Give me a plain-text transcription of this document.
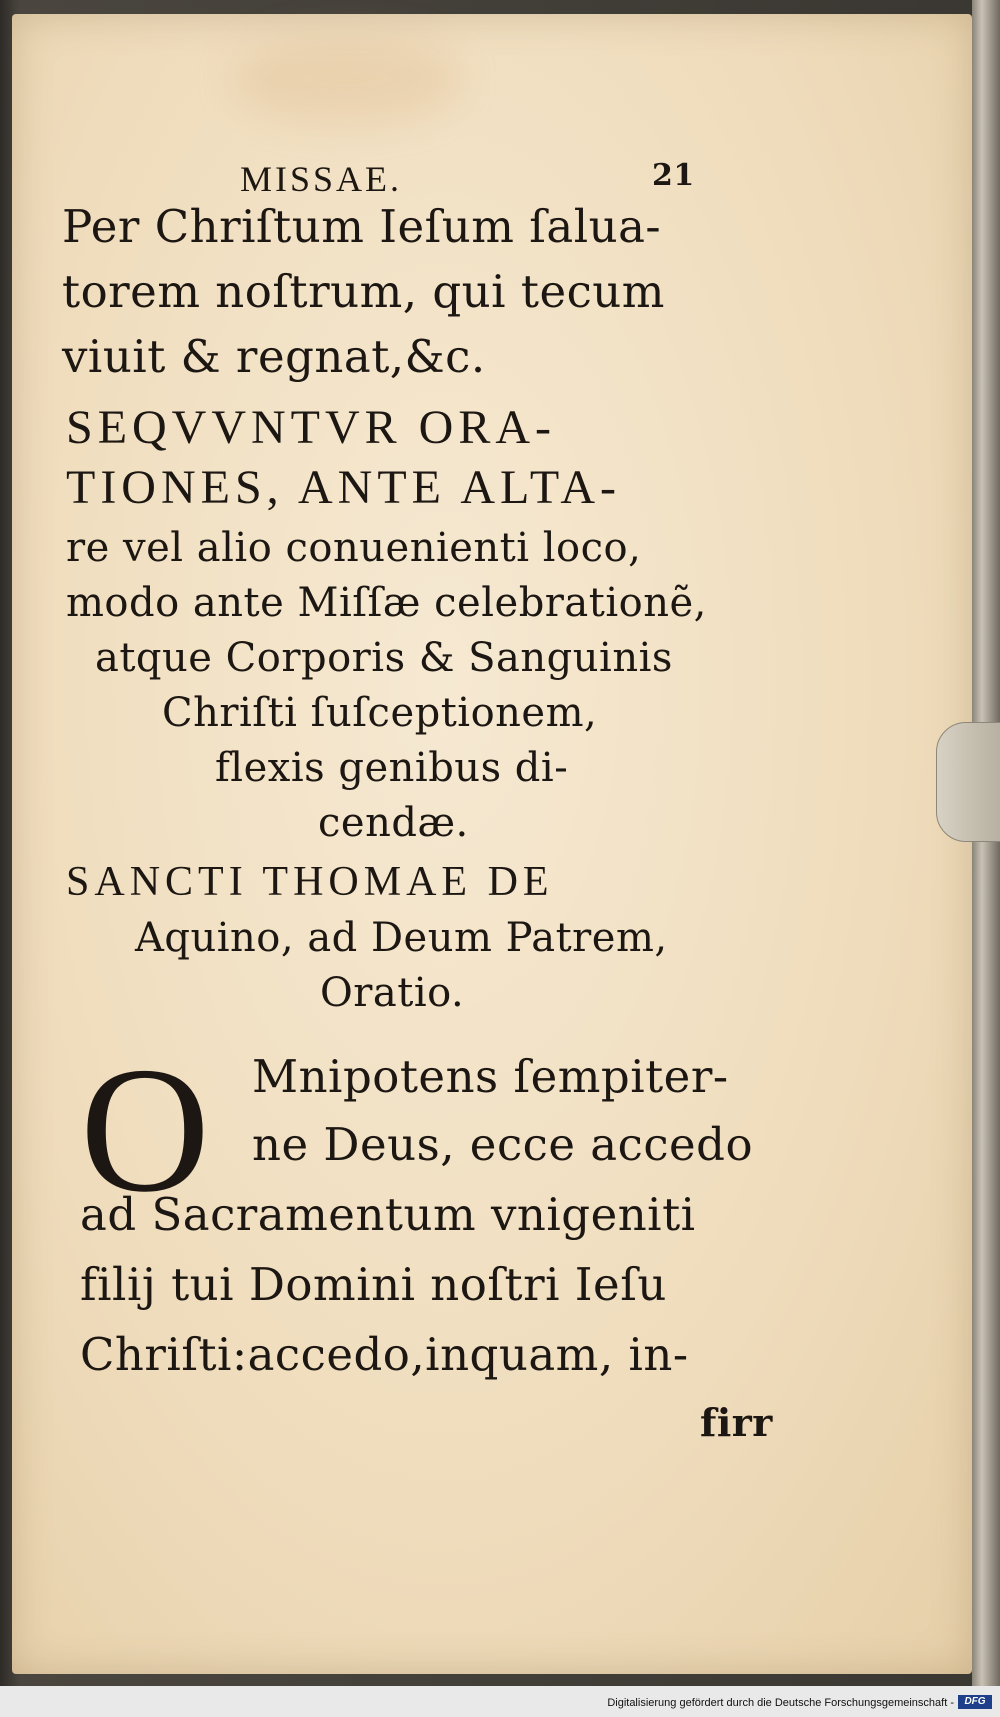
MISSAE.	21
Per Chriſtum Ieſum ſalua-
torem noſtrum, qui tecum
viuit & regnat,&c.
SEQVVNTVR ORA-
TIONES, ANTE ALTA-
re vel alio conuenienti loco,
modo ante Miſſæ celebrationẽ,
atque Corporis & Sanguinis
Chriſti ſuſceptionem,
flexis genibus di-
cendæ.
SANCTI THOMAE DE
Aquino, ad Deum Patrem,
Oratio.
O Mnipotens ſempiter-
ne Deus, ecce accedo
ad Sacramentum vnigeniti
filij tui Domini noſtri Ieſu
Chriſti:accedo,inquam, in-
firr
Digitalisierung gefördert durch die Deutsche Forschungsgemeinschaft -	DFG
